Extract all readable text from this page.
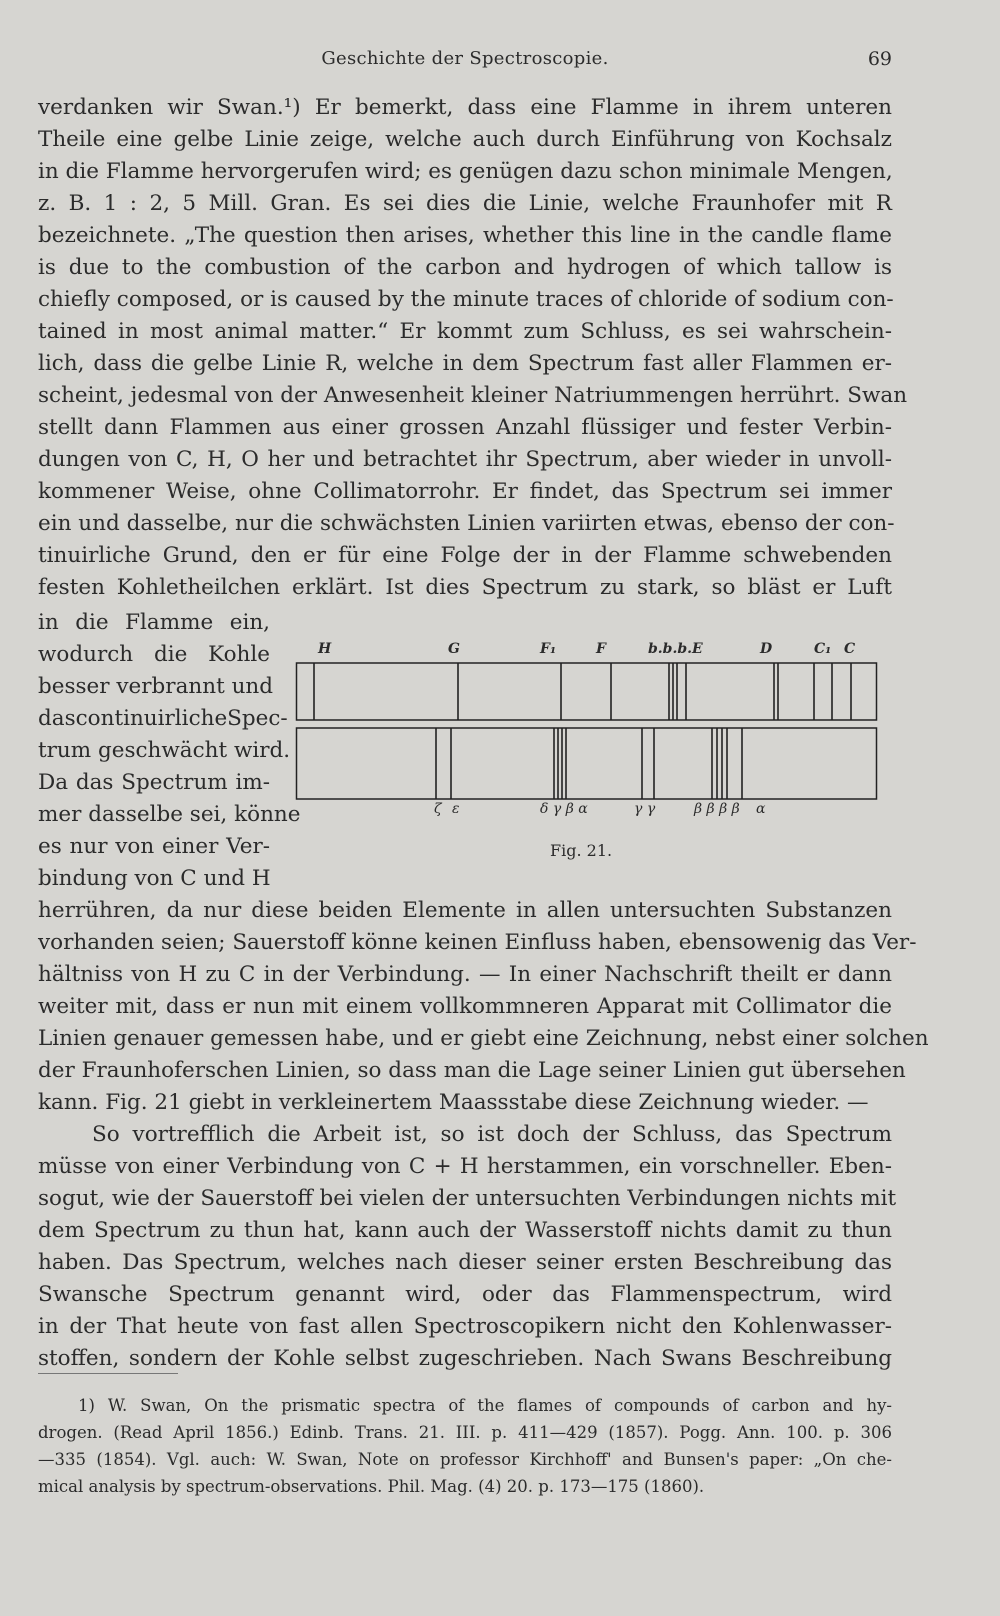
Geschichte der Spectroscopie.	69
verdanken wir Swan.¹) Er bemerkt, dass eine Flamme in ihrem unteren
Theile eine gelbe Linie zeige, welche auch durch Einführung von Kochsalz
in die Flamme hervorgerufen wird; es genügen dazu schon minimale Mengen,
z. B. 1 : 2, 5 Mill. Gran. Es sei dies die Linie, welche Fraunhofer mit R
bezeichnete. „The question then arises, whether this line in the candle flame
is due to the combustion of the carbon and hydrogen of which tallow is
chiefly composed, or is caused by the minute traces of chloride of sodium con-
tained in most animal matter.“ Er kommt zum Schluss, es sei wahrschein-
lich, dass die gelbe Linie R, welche in dem Spectrum fast aller Flammen er-
scheint, jedesmal von der Anwesenheit kleiner Natriummengen herrührt. Swan
stellt dann Flammen aus einer grossen Anzahl flüssiger und fester Verbin-
dungen von C, H, O her und betrachtet ihr Spectrum, aber wieder in unvoll-
kommener Weise, ohne Collimatorrohr. Er findet, das Spectrum sei immer
ein und dasselbe, nur die schwächsten Linien variirten etwas, ebenso der con-
tinuirliche Grund, den er für eine Folge der in der Flamme schwebenden
festen Kohletheilchen erklärt. Ist dies Spectrum zu stark, so bläst er Luft
in die Flamme ein,
wodurch die Kohle
besser verbrannt und
dascontinuirlicheSpec-
trum geschwächt wird.
Da das Spectrum im-
mer dasselbe sei, könne
es nur von einer Ver-
bindung von C und H
H	G	F₁	F	b.b.b.E	D	C₁ C
ζ ε	δ γ β α	γ γ	β β β β α
Fig. 21.
herrühren, da nur diese beiden Elemente in allen untersuchten Substanzen
vorhanden seien; Sauerstoff könne keinen Einfluss haben, ebensowenig das Ver-
hältniss von H zu C in der Verbindung. — In einer Nachschrift theilt er dann
weiter mit, dass er nun mit einem vollkommneren Apparat mit Collimator die
Linien genauer gemessen habe, und er giebt eine Zeichnung, nebst einer solchen
der Fraunhoferschen Linien, so dass man die Lage seiner Linien gut übersehen
kann. Fig. 21 giebt in verkleinertem Maassstabe diese Zeichnung wieder. —
So vortrefflich die Arbeit ist, so ist doch der Schluss, das Spectrum
müsse von einer Verbindung von C + H herstammen, ein vorschneller. Eben-
sogut, wie der Sauerstoff bei vielen der untersuchten Verbindungen nichts mit
dem Spectrum zu thun hat, kann auch der Wasserstoff nichts damit zu thun
haben. Das Spectrum, welches nach dieser seiner ersten Beschreibung das
Swansche Spectrum genannt wird, oder das Flammenspectrum, wird
in der That heute von fast allen Spectroscopikern nicht den Kohlenwasser-
stoffen, sondern der Kohle selbst zugeschrieben. Nach Swans Beschreibung
1) W. Swan, On the prismatic spectra of the flames of compounds of carbon and hy-
drogen. (Read April 1856.) Edinb. Trans. 21. III. p. 411—429 (1857). Pogg. Ann. 100. p. 306
—335 (1854). Vgl. auch: W. Swan, Note on professor Kirchhoff' and Bunsen's paper: „On che-
mical analysis by spectrum-observations. Phil. Mag. (4) 20. p. 173—175 (1860).
